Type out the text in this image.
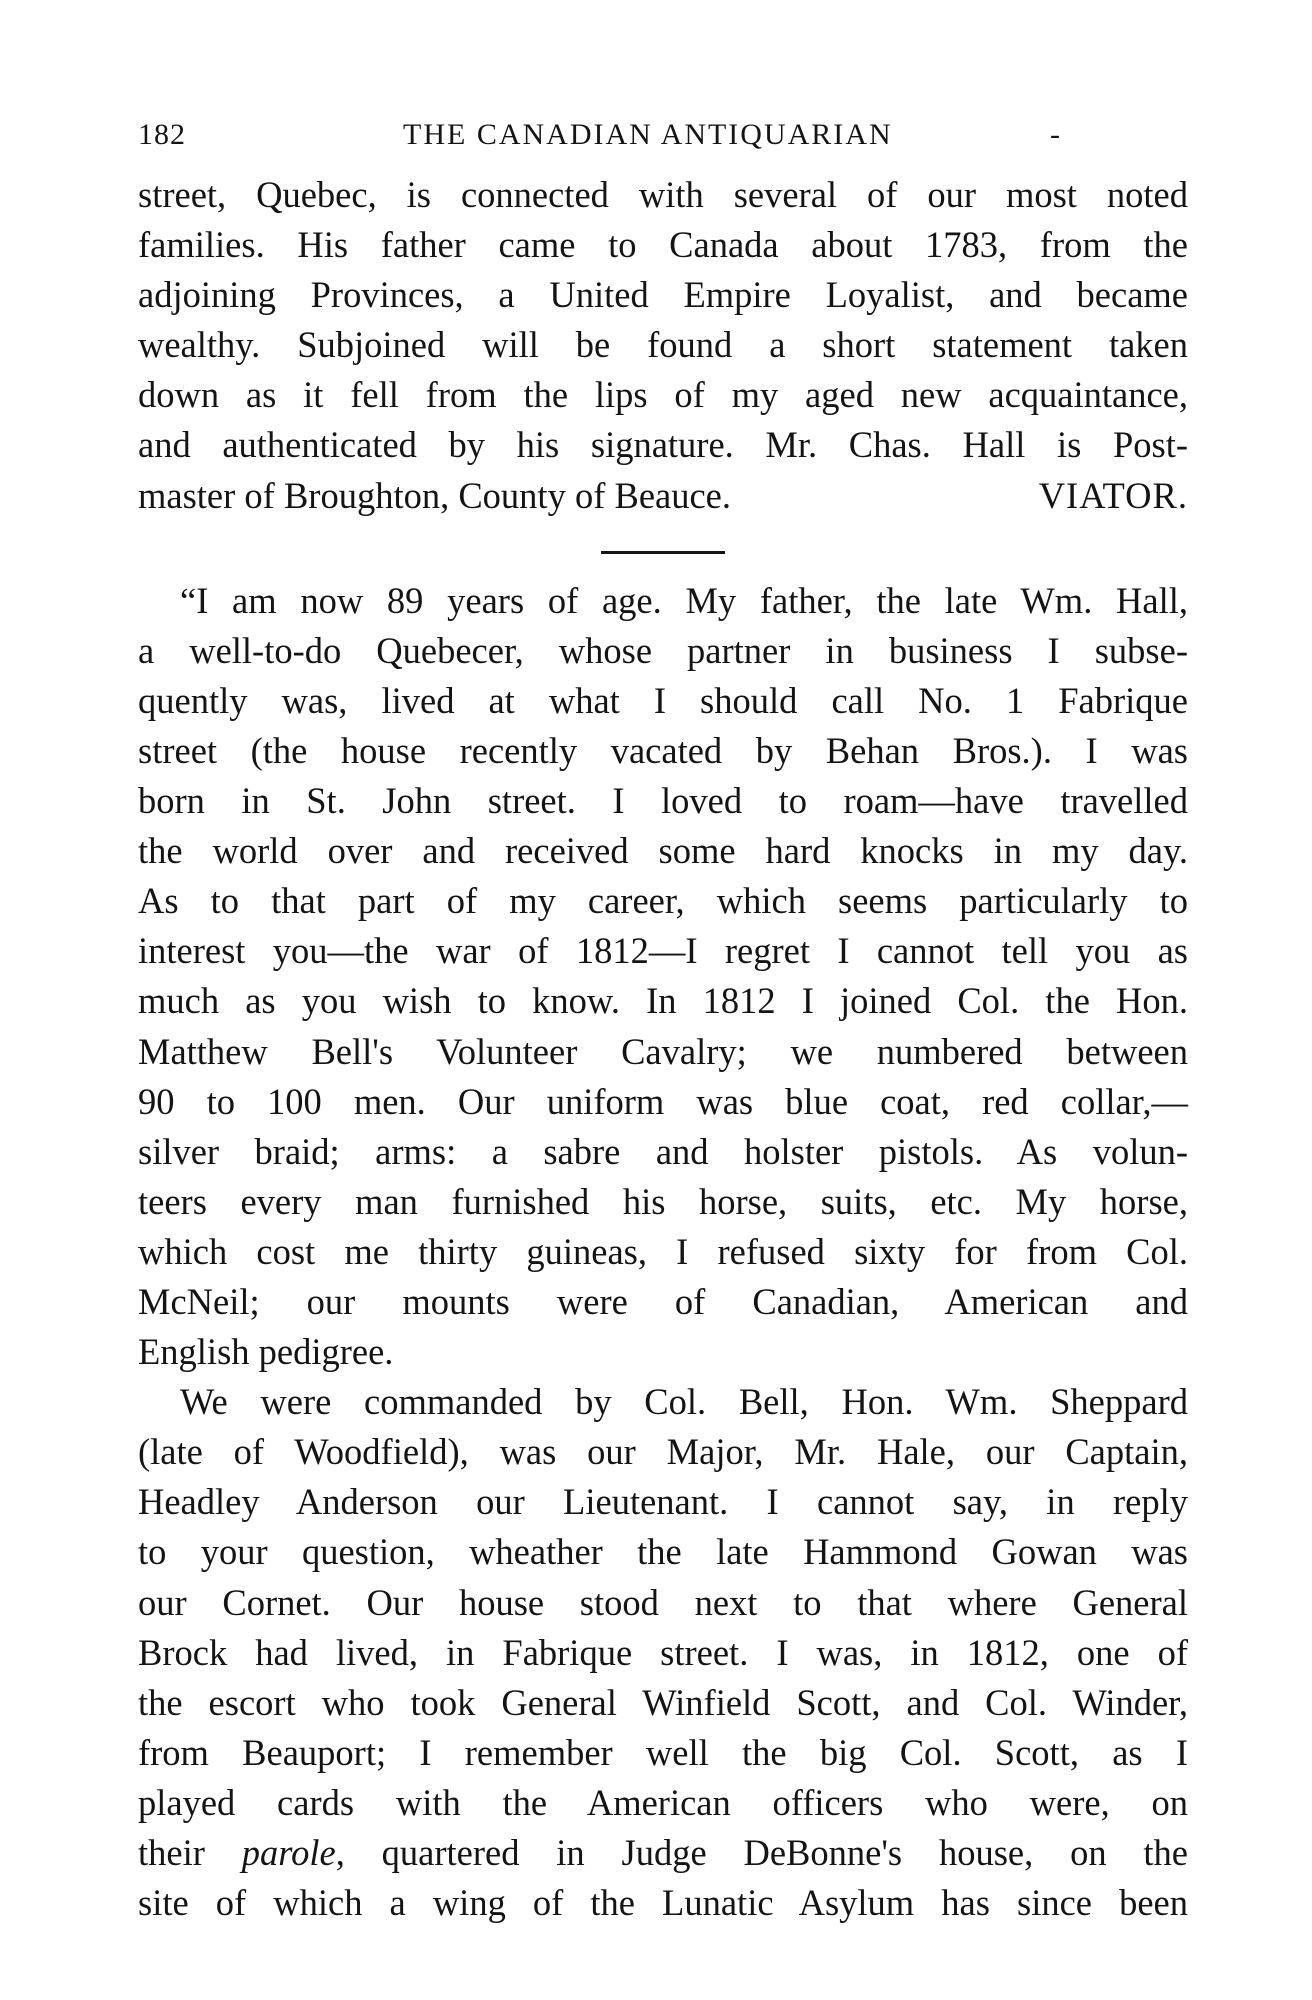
182	THE CANADIAN ANTIQUARIAN	-
street, Quebec, is connected with several of our most noted
families. His father came to Canada about 1783, from the
adjoining Provinces, a United Empire Loyalist, and became
wealthy. Subjoined will be found a short statement taken
down as it fell from the lips of my aged new acquaintance,
and authenticated by his signature. Mr. Chas. Hall is Post-
master of Broughton, County of Beauce.	VIATOR.
“I am now 89 years of age. My father, the late Wm. Hall,
a well-to-do Quebecer, whose partner in business I subse-
quently was, lived at what I should call No. 1 Fabrique
street (the house recently vacated by Behan Bros.). I was
born in St. John street. I loved to roam—have travelled
the world over and received some hard knocks in my day.
As to that part of my career, which seems particularly to
interest you—the war of 1812—I regret I cannot tell you as
much as you wish to know. In 1812 I joined Col. the Hon.
Matthew Bell's Volunteer Cavalry; we numbered between
90 to 100 men. Our uniform was blue coat, red collar,—
silver braid; arms: a sabre and holster pistols. As volun-
teers every man furnished his horse, suits, etc. My horse,
which cost me thirty guineas, I refused sixty for from Col.
McNeil; our mounts were of Canadian, American and
English pedigree.
We were commanded by Col. Bell, Hon. Wm. Sheppard
(late of Woodfield), was our Major, Mr. Hale, our Captain,
Headley Anderson our Lieutenant. I cannot say, in reply
to your question, wheather the late Hammond Gowan was
our Cornet. Our house stood next to that where General
Brock had lived, in Fabrique street. I was, in 1812, one of
the escort who took General Winfield Scott, and Col. Winder,
from Beauport; I remember well the big Col. Scott, as I
played cards with the American officers who were, on
their parole, quartered in Judge DeBonne's house, on the
site of which a wing of the Lunatic Asylum has since been
